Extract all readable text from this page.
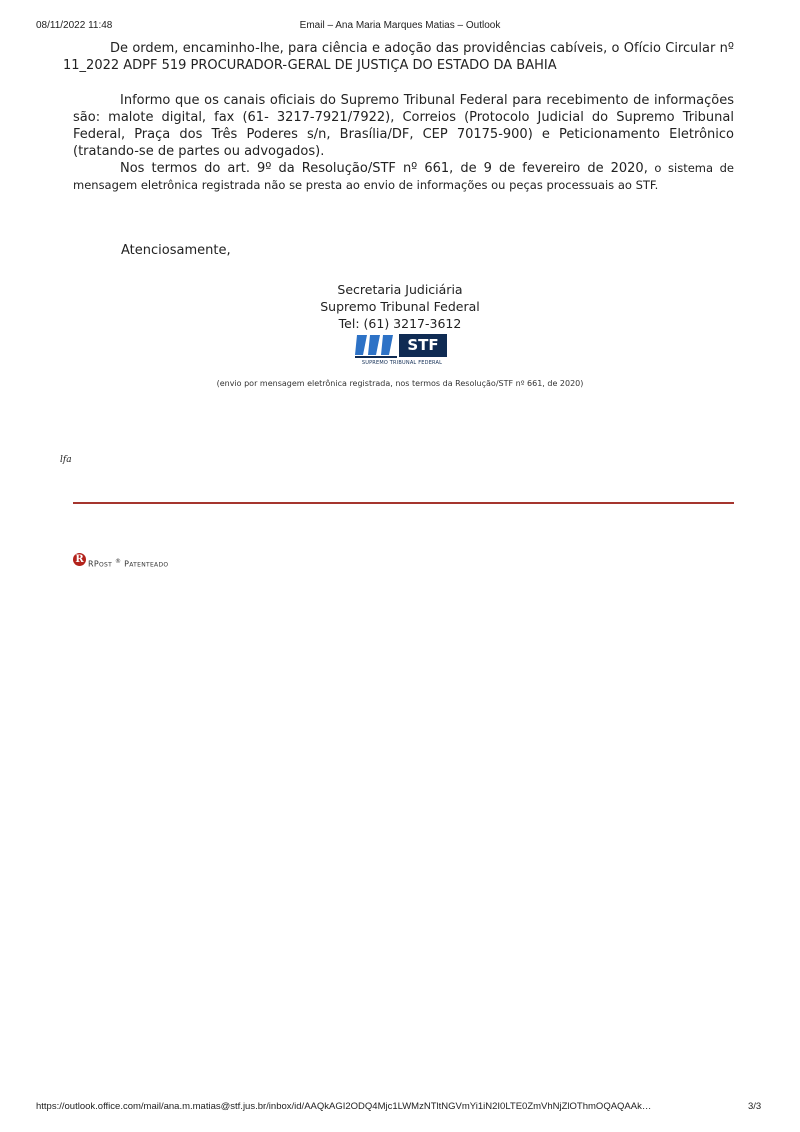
08/11/2022 11:48	Email – Ana Maria Marques Matias – Outlook

De ordem, encaminho-lhe, para ciência e adoção das providências cabíveis, o Ofício Circular nº 11_2022 ADPF 519 PROCURADOR-GERAL DE JUSTIÇA DO ESTADO DA BAHIA

Informo que os canais oficiais do Supremo Tribunal Federal para recebimento de informações são: malote digital, fax (61- 3217-7921/7922), Correios (Protocolo Judicial do Supremo Tribunal Federal, Praça dos Três Poderes s/n, Brasília/DF, CEP 70175-900) e Peticionamento Eletrônico (tratando-se de partes ou advogados).

Nos termos do art. 9º da Resolução/STF nº 661, de 9 de fevereiro de 2020, o sistema de mensagem eletrônica registrada não se presta ao envio de informações ou peças processuais ao STF.

Atenciosamente,
Secretaria Judiciária
Supremo Tribunal Federal
Tel: (61) 3217-3612
STF
SUPREMO TRIBUNAL FEDERAL
(envio por mensagem eletrônica registrada, nos termos da Resolução/STF nº 661, de 2020)
lfa
R RPost ® Patenteado
https://outlook.office.com/mail/ana.m.matias@stf.jus.br/inbox/id/AAQkAGI2ODQ4Mjc1LWMzNTltNGVmYi1iN2I0LTE0ZmVhNjZlOThmOQAQAAk…	3/3
